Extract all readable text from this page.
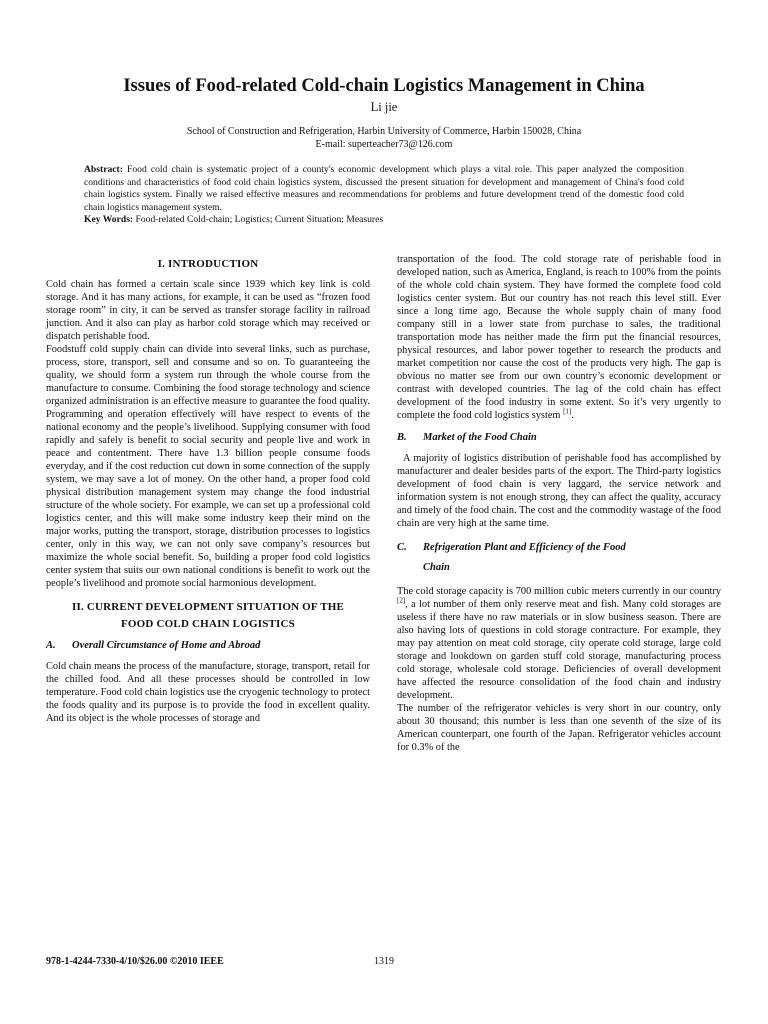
Issues of Food-related Cold-chain Logistics Management in China
Li jie
School of Construction and Refrigeration, Harbin University of Commerce, Harbin 150028, China
E-mail: superteacher73@126.com

Abstract: Food cold chain is systematic project of a county's economic development which plays a vital role. This paper analyzed the composition conditions and characteristics of food cold chain logistics system, discussed the present situation for development and management of China's food cold chain logistics system. Finally we raised effective measures and recommendations for problems and future development trend of the domestic food cold chain logistics management system.

Key Words: Food-related Cold-chain; Logistics; Current Situation; Measures

I. INTRODUCTION

Cold chain has formed a certain scale since 1939 which key link is cold storage. And it has many actions, for example, it can be used as “frozen food storage room” in city, it can be served as transfer storage facility in railroad junction. And it also can play as harbor cold storage which may received or dispatch perishable food.

Foodstuff cold supply chain can divide into several links, such as purchase, process, store, transport, sell and consume and so on. To guaranteeing the quality, we should form a system run through the whole course from the manufacture to consume. Combining the food storage technology and science organized administration is an effective measure to guarantee the food quality. Programming and operation effectively will have respect to events of the national economy and the people’s livelihood. Supplying consumer with food rapidly and safely is benefit to social security and people live and work in peace and contentment. There have 1.3 billion people consume foods everyday, and if the cost reduction cut down in some connection of the supply system, we may save a lot of money. On the other hand, a proper food cold physical distribution management system may change the food industrial structure of the whole society. For example, we can set up a professional cold logistics center, and this will make some industry keep their mind on the major works, putting the transport, storage, distribution processes to logistics center, only in this way, we can not only save company’s resources but maximize the whole social benefit. So, building a proper food cold logistics center system that suits our own national conditions is benefit to work out the people’s livelihood and promote social harmonious development.

II. CURRENT DEVELOPMENT SITUATION OF THE
FOOD COLD CHAIN LOGISTICS
A. Overall Circumstance of Home and Abroad

Cold chain means the process of the manufacture, storage, transport, retail for the chilled food. And all these processes should be controlled in low temperature. Food cold chain logistics use the cryogenic technology to protect the foods quality and its purpose is to provide the food in excellent quality. And its object is the whole processes of storage and

transportation of the food. The cold storage rate of perishable food in developed nation, such as America, England, is reach to 100% from the points of the whole cold chain system. They have formed the complete food cold logistics center system. But our country has not reach this level still. Ever since a long time ago, Because the whole supply chain of many food company still in a lower state from purchase to sales, the traditional transportation mode has neither made the firm put the financial resources, physical resources, and labor power together to research the products and market competition nor cause the cost of the products very high. The gap is obvious no matter see from our own country’s economic development or contrast with developed countries. The lag of the cold chain has effect development of the food industry in some extent. So it’s very urgently to complete the food cold logistics system [1].

B. Market of the Food Chain

A majority of logistics distribution of perishable food has accomplished by manufacturer and dealer besides parts of the export. The Third-party logistics development of food chain is very laggard, the service network and information system is not enough strong, they can affect the quality, accuracy and timely of the food chain. The cost and the commodity wastage of the food chain are very high at the same time.

C. Refrigeration Plant and Efficiency of the Food
Chain

The cold storage capacity is 700 million cubic meters currently in our country [2], a lot number of them only reserve meat and fish. Many cold storages are useless if there have no raw materials or in slow business season. There are also having lots of questions in cold storage contracture. For example, they may pay attention on meat cold storage, city operate cold storage, large cold storage and lookdown on garden stuff cold storage, manufacturing process cold storage, wholesale cold storage. Deficiencies of overall development have affected the resource consolidation of the food chain and industry development.

The number of the refrigerator vehicles is very short in our country, only about 30 thousand; this number is less than one seventh of the size of its American counterpart, one fourth of the Japan. Refrigerator vehicles account for 0.3% of the

978-1-4244-7330-4/10/$26.00 ©2010 IEEE	1319
